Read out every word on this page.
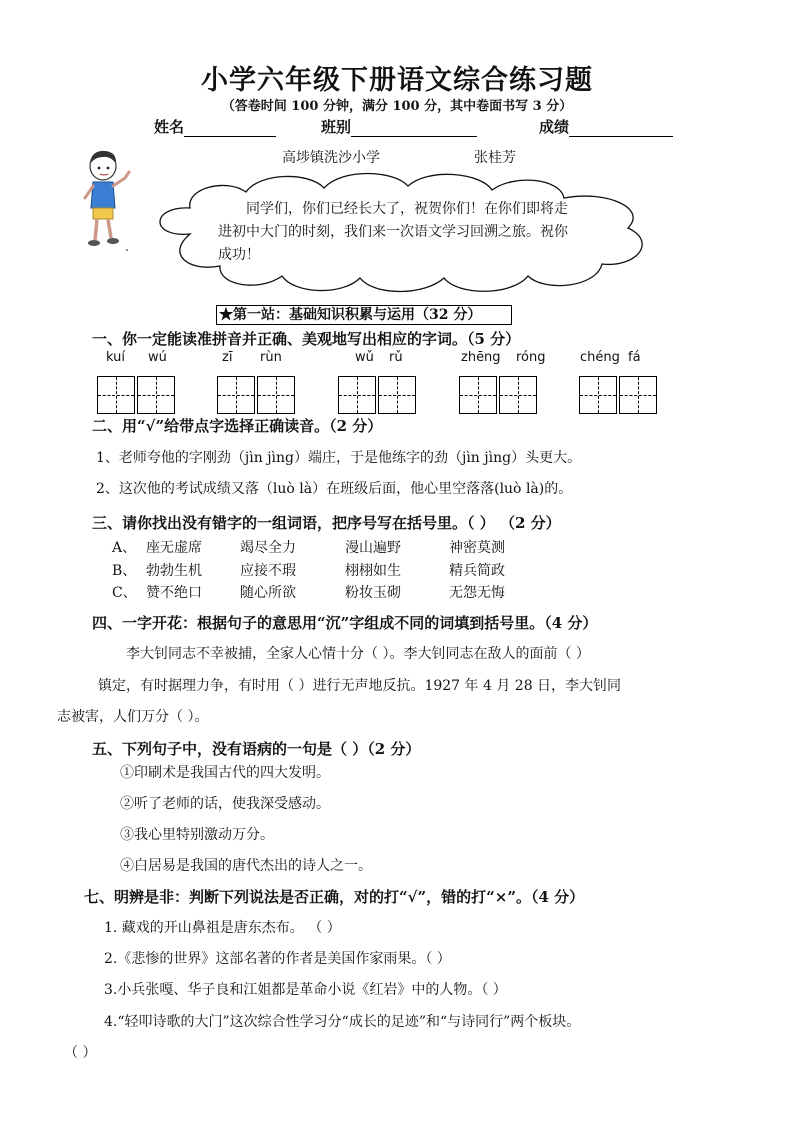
小学六年级下册语文综合练习题
（答卷时间 100 分钟，满分 100 分，其中卷面书写 3 分）
姓名	班别	成绩
高埗镇洗沙小学	张桂芳
同学们，你们已经长大了，祝贺你们！在你们即将走进初中大门的时刻，我们来一次语文学习回溯之旅。祝你成功！
★第一站：基础知识积累与运用（32 分）
一、你一定能读准拼音并正确、美观地写出相应的字词。（5 分）
kuí wú	zī rùn	wǔ rǔ	zhēng róng	chéng fá
二、用“√”给带点字选择正确读音。（2 分）
1、老师夸他的字刚劲（jìn jìng）端庄，于是他练字的劲（jìn jìng）头更大。
2、这次他的考试成绩又落（luò là）在班级后面，他心里空落落(luò là)的。
三、请你找出没有错字的一组词语，把序号写在括号里。（ ） （2 分）
A、 座无虚席	竭尽全力	漫山遍野	神密莫测
B、 勃勃生机	应接不瑕	栩栩如生	精兵简政
C、 赞不绝口	随心所欲	粉妆玉砌	无怨无悔
四、一字开花：根据句子的意思用“沉”字组成不同的词填到括号里。（4 分）
李大钊同志不幸被捕，全家人心情十分（ ）。李大钊同志在敌人的面前（ ）
镇定，有时据理力争，有时用（ ）进行无声地反抗。1927 年 4 月 28 日，李大钊同
志被害，人们万分（ ）。
五、下列句子中，没有语病的一句是（ ）（2 分）
①印刷术是我国古代的四大发明。
②听了老师的话，使我深受感动。
③我心里特别激动万分。
④白居易是我国的唐代杰出的诗人之一。
七、明辨是非：判断下列说法是否正确，对的打“√”，错的打“×”。（4 分）
1. 藏戏的开山鼻祖是唐东杰布。 （ ）
2.《悲惨的世界》这部名著的作者是美国作家雨果。（ ）
3.小兵张嘎、华子良和江姐都是革命小说《红岩》中的人物。（ ）
4.“轻叩诗歌的大门”这次综合性学习分“成长的足迹”和“与诗同行”两个板块。
（ ）
